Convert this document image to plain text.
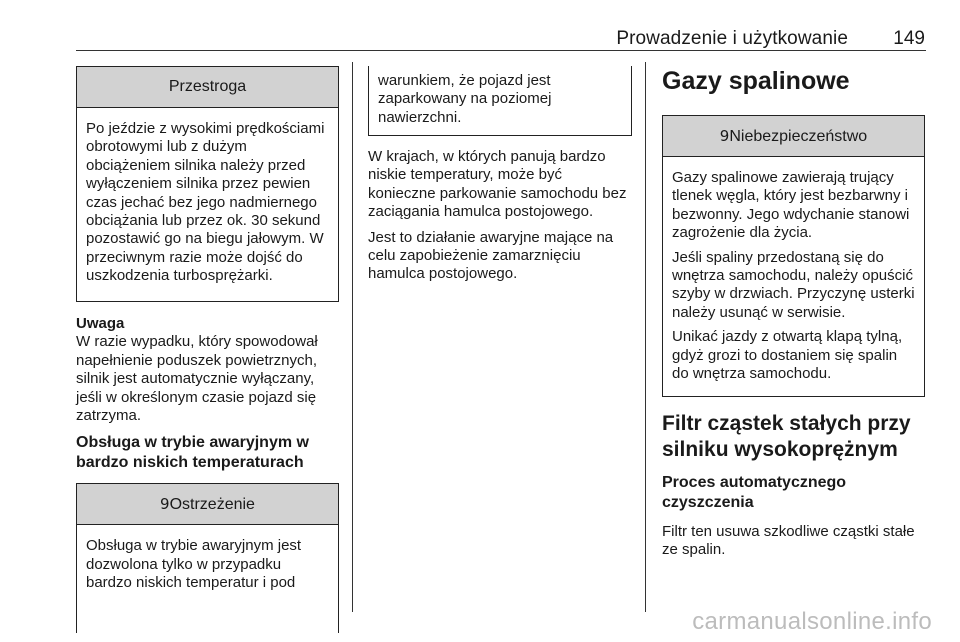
Prowadzenie i użytkowanie 149
Przestroga

Po jeździe z wysokimi prędkościami obrotowymi lub z dużym obciążeniem silnika należy przed wyłączeniem silnika przez pewien czas jechać bez jego nadmiernego obciążania lub przez ok. 30 sekund pozostawić go na biegu jałowym. W przeciwnym razie może dojść do uszkodzenia turbosprężarki.

Uwaga

W razie wypadku, który spowodował napełnienie poduszek powietrznych, silnik jest automatycznie wyłączany, jeśli w określonym czasie pojazd się zatrzyma.

Obsługa w trybie awaryjnym w bardzo niskich temperaturach
9Ostrzeżenie

Obsługa w trybie awaryjnym jest dozwolona tylko w przypadku bardzo niskich temperatur i pod

warunkiem, że pojazd jest zaparkowany na poziomej nawierzchni.

W krajach, w których panują bardzo niskie temperatury, może być konieczne parkowanie samochodu bez zaciągania hamulca postojowego.

Jest to działanie awaryjne mające na celu zapobieżenie zamarznięciu hamulca postojowego.

Gazy spalinowe
9Niebezpieczeństwo

Gazy spalinowe zawierają trujący tlenek węgla, który jest bezbarwny i bezwonny. Jego wdychanie stanowi zagrożenie dla życia.

Jeśli spaliny przedostaną się do wnętrza samochodu, należy opuścić szyby w drzwiach. Przyczynę usterki należy usunąć w serwisie.

Unikać jazdy z otwartą klapą tylną, gdyż grozi to dostaniem się spalin do wnętrza samochodu.

Filtr cząstek stałych przy silniku wysokoprężnym
Proces automatycznego czyszczenia

Filtr ten usuwa szkodliwe cząstki stałe ze spalin.

carmanualsonline.info
